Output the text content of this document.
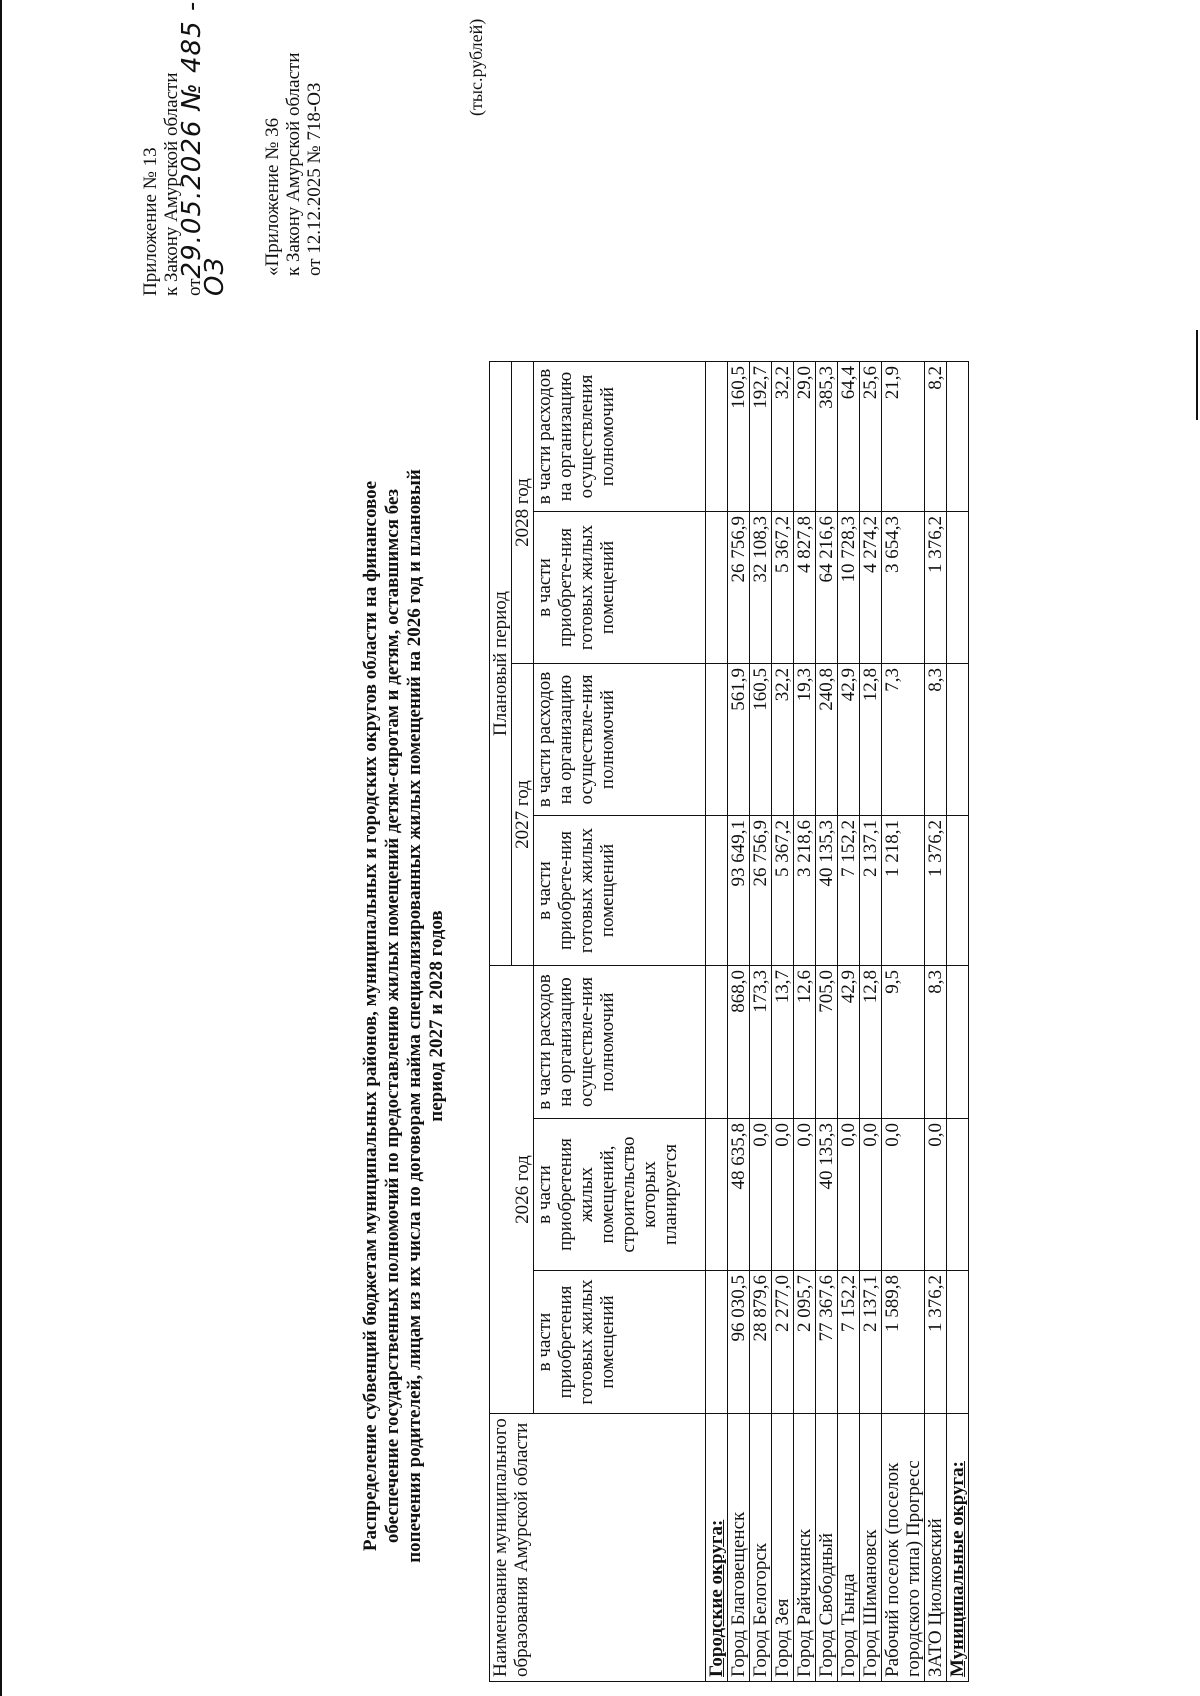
Приложение № 13 к Закону Амурской области от29.05.2026 № 485 - ОЗ
«Приложение № 36 к Закону Амурской области от 12.12.2025 № 718-ОЗ
Распределение субвенций бюджетам муниципальных районов, муниципальных и городских округов области на финансовое обеспечение государственных полномочий по предоставлению жилых помещений детям-сиротам и детям, оставшимся без попечения родителей, лицам из их числа по договорам найма специализированных жилых помещений на 2026 год и плановый период 2027 и 2028 годов
(тыс.рублей)
Наименование муниципального образования Амурской области	2026 год			Плановый период			
				2027 год		2028 год	
	в части приобретения готовых жилых помещений	в части приобретения жилых помещений, строительство которых планируется	в части расходов на организацию осуществле-ния полномочий	в части приобрете-ния готовых жилых помещений	в части расходов на организацию осуществле-ния полномочий	в части приобрете-ния готовых жилых помещений	в части расходов на организацию осуществления полномочий
Городские округа:							
Город Благовещенск	96 030,5	48 635,8	868,0	93 649,1	561,9	26 756,9	160,5
Город Белогорск	28 879,6	0,0	173,3	26 756,9	160,5	32 108,3	192,7
Город Зея	2 277,0	0,0	13,7	5 367,2	32,2	5 367,2	32,2
Город Райчихинск	2 095,7	0,0	12,6	3 218,6	19,3	4 827,8	29,0
Город Свободный	77 367,6	40 135,3	705,0	40 135,3	240,8	64 216,6	385,3
Город Тында	7 152,2	0,0	42,9	7 152,2	42,9	10 728,3	64,4
Город Шимановск	2 137,1	0,0	12,8	2 137,1	12,8	4 274,2	25,6
Рабочий поселок (поселок городского типа) Прогресс	1 589,8	0,0	9,5	1 218,1	7,3	3 654,3	21,9
ЗАТО Циолковский	1 376,2	0,0	8,3	1 376,2	8,3	1 376,2	8,2
Муниципальные округа:							
